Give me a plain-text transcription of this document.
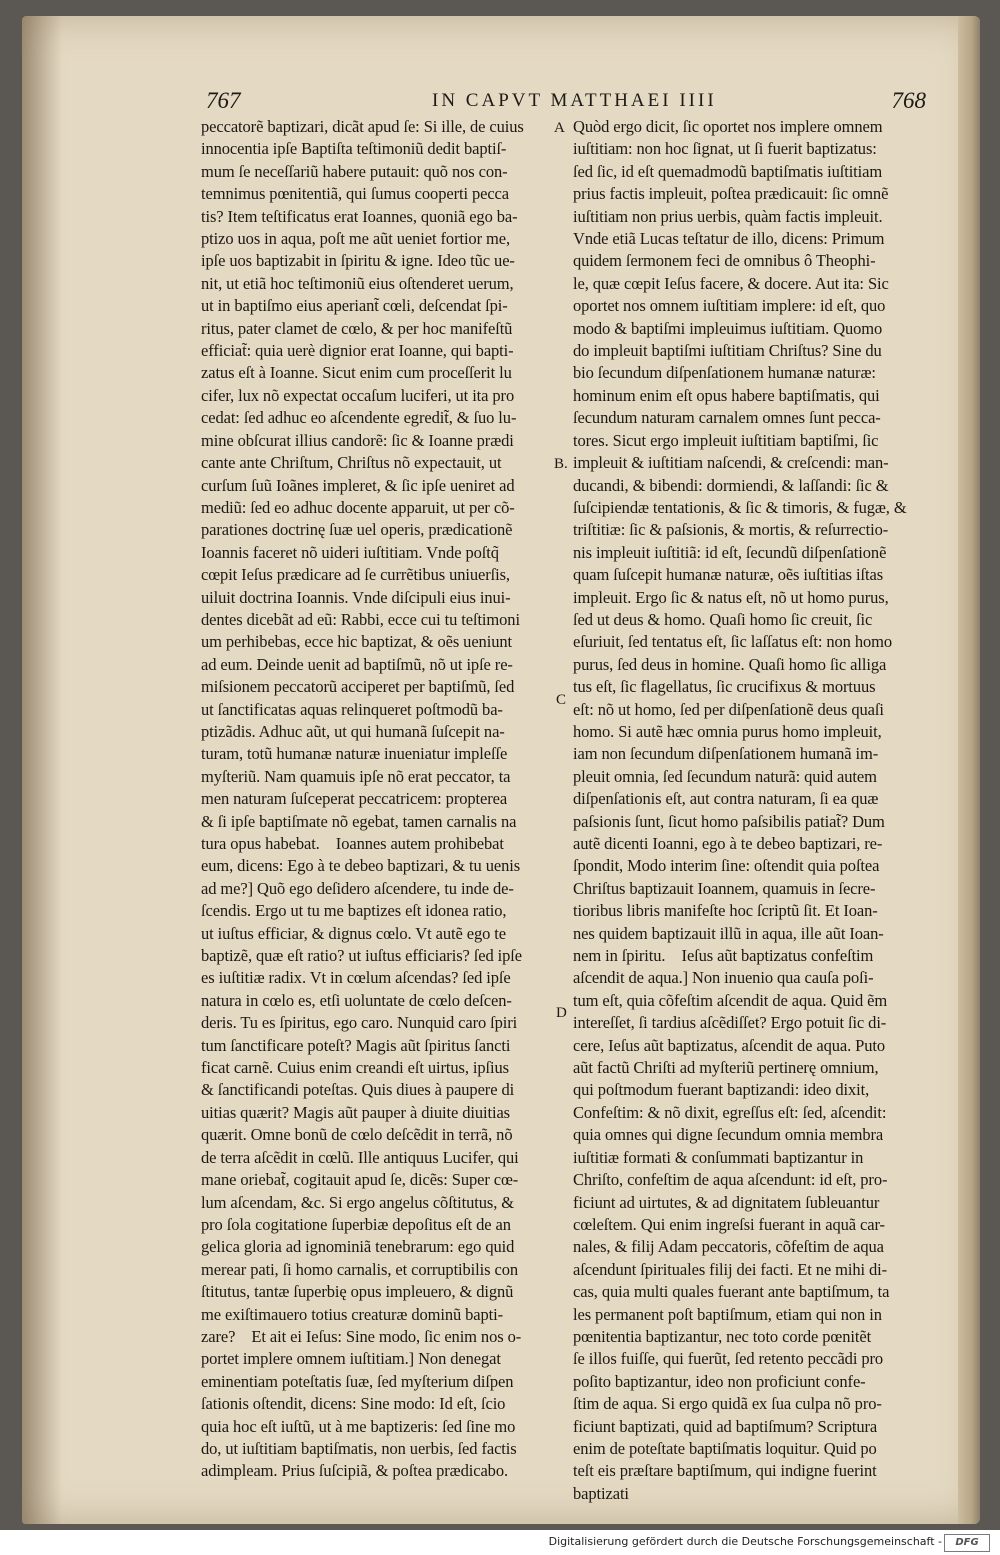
767	IN CAPVT MATTHAEI IIII	768
A
B.
C
D
peccatorẽ baptizari, dicãt apud ſe: Si ille, de cuius
innocentia ipſe Baptiſta teſtimoniũ dedit baptiſ-
mum ſe neceſſariũ habere putauit: quõ nos con-
temnimus pœnitentiã, qui ſumus cooperti pecca
tis? Item teſtificatus erat Ioannes, quoniã ego ba-
ptizo uos in aqua, poſt me aũt ueniet fortior me,
ipſe uos baptizabit in ſpiritu & igne. Ideo tũc ue-
nit, ut etiã hoc teſtimoniũ eius oſtenderet uerum,
ut in baptiſmo eius aperiant̃ cœli, deſcendat ſpi-
ritus, pater clamet de cœlo, & per hoc manifeſtũ
efficiat̃: quia uerè dignior erat Ioanne, qui bapti-
zatus eſt à Ioanne. Sicut enim cum proceſſerit lu
cifer, lux nõ expectat occaſum luciferi, ut ita pro
cedat: ſed adhuc eo aſcendente egredit̃, & ſuo lu-
mine obſcurat illius candorẽ: ſic & Ioanne prædi
cante ante Chriſtum, Chriſtus nõ expectauit, ut
curſum ſuũ Ioãnes impleret, & ſic ipſe ueniret ad
mediũ: ſed eo adhuc docente apparuit, ut per cõ-
parationes doctrinę ſuæ uel operis, prædicationẽ
Ioannis faceret nõ uideri iuſtitiam. Vnde poſtq̃
cœpit Ieſus prædicare ad ſe currẽtibus uniuerſis,
uiluit doctrina Ioannis. Vnde diſcipuli eius inui-
dentes dicebãt ad eũ: Rabbi, ecce cui tu teſtimoni
um perhibebas, ecce hic baptizat, & oẽs ueniunt
ad eum. Deinde uenit ad baptiſmũ, nõ ut ipſe re-
miſsionem peccatorũ acciperet per baptiſmũ, ſed
ut ſanctificatas aquas relinqueret poſtmodũ ba-
ptizãdis. Adhuc aũt, ut qui humanã ſuſcepit na-
turam, totũ humanæ naturæ inueniatur impleſſe
myſteriũ. Nam quamuis ipſe nõ erat peccator, ta
men naturam ſuſceperat peccatricem: propterea
& ſi ipſe baptiſmate nõ egebat, tamen carnalis na
tura opus habebat.    Ioannes autem prohibebat
eum, dicens: Ego à te debeo baptizari, & tu uenis
ad me?] Quõ ego deſidero aſcendere, tu inde de-
ſcendis. Ergo ut tu me baptizes eſt idonea ratio,
ut iuſtus efficiar, & dignus cœlo. Vt autẽ ego te
baptizẽ, quæ eſt ratio? ut iuſtus efficiaris? ſed ipſe
es iuſtitiæ radix. Vt in cœlum aſcendas? ſed ipſe
natura in cœlo es, etſi uoluntate de cœlo deſcen-
deris. Tu es ſpiritus, ego caro. Nunquid caro ſpiri
tum ſanctificare poteſt? Magis aũt ſpiritus ſancti
ficat carnẽ. Cuius enim creandi eſt uirtus, ipſius
& ſanctificandi poteſtas. Quis diues à paupere di
uitias quærit? Magis aũt pauper à diuite diuitias
quærit. Omne bonũ de cœlo deſcẽdit in terrã, nõ
de terra aſcẽdit in cœlũ. Ille antiquus Lucifer, qui
mane oriebat̃, cogitauit apud ſe, dicẽs: Super cœ-
lum aſcendam, &c. Si ergo angelus cõſtitutus, &
pro ſola cogitatione ſuperbiæ depoſitus eſt de an
gelica gloria ad ignominiã tenebrarum: ego quid
merear pati, ſi homo carnalis, et corruptibilis con
ſtitutus, tantæ ſuperbię opus impleuero, & dignũ
me exiſtimauero totius creaturæ dominũ bapti-
zare?    Et ait ei Ieſus: Sine modo, ſic enim nos o-
portet implere omnem iuſtitiam.] Non denegat
eminentiam poteſtatis ſuæ, ſed myſterium diſpen
ſationis oſtendit, dicens: Sine modo: Id eſt, ſcio
quia hoc eſt iuſtũ, ut à me baptizeris: ſed ſine mo
do, ut iuſtitiam baptiſmatis, non uerbis, ſed factis
adimpleam. Prius ſuſcipiã, & poſtea prædicabo.
Quòd ergo dicit, ſic oportet nos implere omnem
iuſtitiam: non hoc ſignat, ut ſi fuerit baptizatus:
ſed ſic, id eſt quemadmodũ baptiſmatis iuſtitiam
prius factis impleuit, poſtea prædicauit: ſic omnẽ
iuſtitiam non prius uerbis, quàm factis impleuit.
Vnde etiã Lucas teſtatur de illo, dicens: Primum
quidem ſermonem feci de omnibus ô Theophi-
le, quæ cœpit Ieſus facere, & docere. Aut ita: Sic
oportet nos omnem iuſtitiam implere: id eſt, quo
modo & baptiſmi impleuimus iuſtitiam. Quomo
do impleuit baptiſmi iuſtitiam Chriſtus? Sine du
bio ſecundum diſpenſationem humanæ naturæ:
hominum enim eſt opus habere baptiſmatis, qui
ſecundum naturam carnalem omnes ſunt pecca-
tores. Sicut ergo impleuit iuſtitiam baptiſmi, ſic
impleuit & iuſtitiam naſcendi, & creſcendi: man-
ducandi, & bibendi: dormiendi, & laſſandi: ſic &
ſuſcipiendæ tentationis, & ſic & timoris, & fugæ, &
triſtitiæ: ſic & paſsionis, & mortis, & reſurrectio-
nis impleuit iuſtitiã: id eſt, ſecundũ diſpenſationẽ
quam ſuſcepit humanæ naturæ, oẽs iuſtitias iſtas
impleuit. Ergo ſic & natus eſt, nõ ut homo purus,
ſed ut deus & homo. Quaſi homo ſic creuit, ſic
eſuriuit, ſed tentatus eſt, ſic laſſatus eſt: non homo
purus, ſed deus in homine. Quaſi homo ſic alliga
tus eſt, ſic flagellatus, ſic crucifixus & mortuus
eſt: nõ ut homo, ſed per diſpenſationẽ deus quaſi
homo. Si autẽ hæc omnia purus homo impleuit,
iam non ſecundum diſpenſationem humanã im-
pleuit omnia, ſed ſecundum naturã: quid autem
diſpenſationis eſt, aut contra naturam, ſi ea quæ
paſsionis ſunt, ſicut homo paſsibilis patiat̃? Dum
autẽ dicenti Ioanni, ego à te debeo baptizari, re-
ſpondit, Modo interim ſine: oſtendit quia poſtea
Chriſtus baptizauit Ioannem, quamuis in ſecre-
tioribus libris manifeſte hoc ſcriptũ ſit. Et Ioan-
nes quidem baptizauit illũ in aqua, ille aũt Ioan-
nem in ſpiritu.    Ieſus aũt baptizatus confeſtim
aſcendit de aqua.] Non inuenio qua cauſa poſi-
tum eſt, quia cõfeſtim aſcendit de aqua. Quid ẽm
intereſſet, ſi tardius aſcẽdiſſet? Ergo potuit ſic di-
cere, Ieſus aũt baptizatus, aſcendit de aqua. Puto
aũt factũ Chriſti ad myſteriũ pertinerę omnium,
qui poſtmodum fuerant baptizandi: ideo dixit,
Confeſtim: & nõ dixit, egreſſus eſt: ſed, aſcendit:
quia omnes qui digne ſecundum omnia membra
iuſtitiæ formati & conſummati baptizantur in
Chriſto, confeſtim de aqua aſcendunt: id eſt, pro-
ficiunt ad uirtutes, & ad dignitatem ſubleuantur
cœleſtem. Qui enim ingreſsi fuerant in aquã car-
nales, & filij Adam peccatoris, cõfeſtim de aqua
aſcendunt ſpirituales filij dei facti. Et ne mihi di-
cas, quia multi quales fuerant ante baptiſmum, ta
les permanent poſt baptiſmum, etiam qui non in
pœnitentia baptizantur, nec toto corde pœnitẽt
ſe illos fuiſſe, qui fuerũt, ſed retento peccãdi pro
poſito baptizantur, ideo non proficiunt confe-
ſtim de aqua. Si ergo quidã ex ſua culpa nõ pro-
ficiunt baptizati, quid ad baptiſmum? Scriptura
enim de poteſtate baptiſmatis loquitur. Quid po
teſt eis præſtare baptiſmum, qui indigne fuerint
baptizati
Digitalisierung gefördert durch die Deutsche Forschungsgemeinschaft -	DFG
